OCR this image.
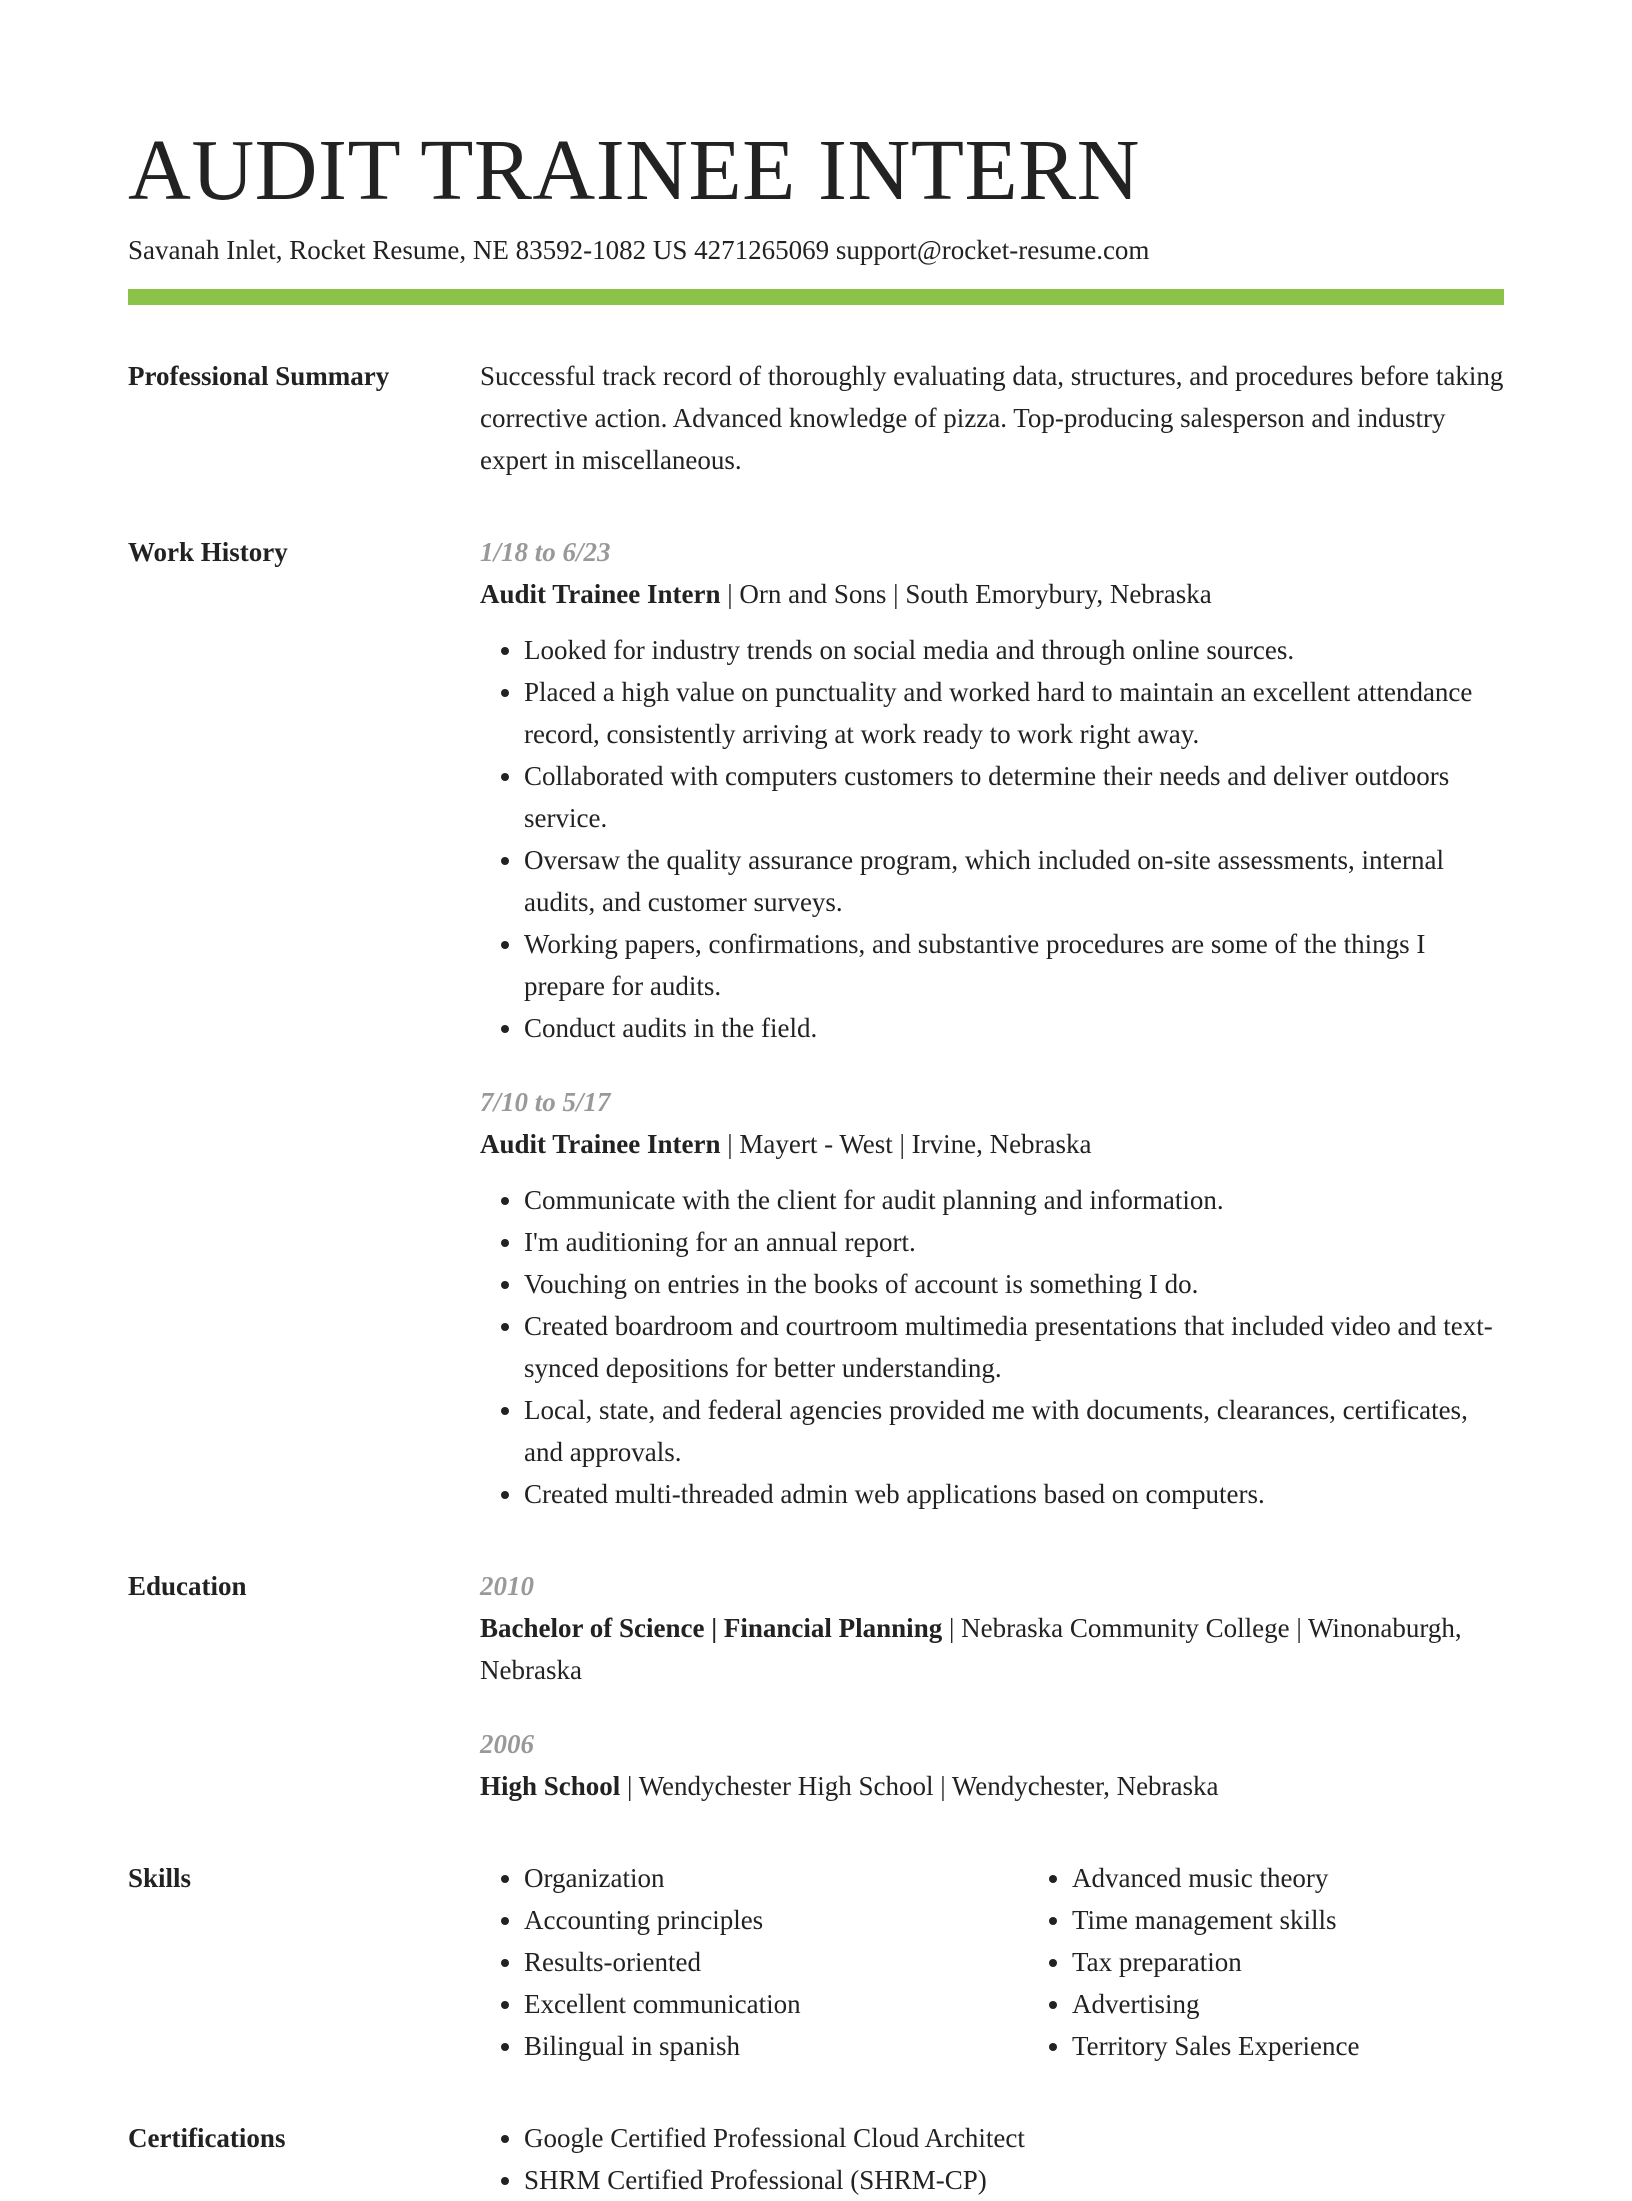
AUDIT TRAINEE INTERN
Savanah Inlet, Rocket Resume, NE 83592-1082 US 4271265069 support@rocket-resume.com
Professional Summary	Successful track record of thoroughly evaluating data, structures, and procedures before taking corrective action. Advanced knowledge of pizza. Top-producing salesperson and industry expert in miscellaneous.
Work History	1/18 to 6/23
Audit Trainee Intern | Orn and Sons | South Emorybury, Nebraska
• Looked for industry trends on social media and through online sources.
• Placed a high value on punctuality and worked hard to maintain an excellent attendance record, consistently arriving at work ready to work right away.
• Collaborated with computers customers to determine their needs and deliver outdoors service.
• Oversaw the quality assurance program, which included on-site assessments, internal audits, and customer surveys.
• Working papers, confirmations, and substantive procedures are some of the things I prepare for audits.
• Conduct audits in the field.
7/10 to 5/17
Audit Trainee Intern | Mayert - West | Irvine, Nebraska
• Communicate with the client for audit planning and information.
• I'm auditioning for an annual report.
• Vouching on entries in the books of account is something I do.
• Created boardroom and courtroom multimedia presentations that included video and text-synced depositions for better understanding.
• Local, state, and federal agencies provided me with documents, clearances, certificates, and approvals.
• Created multi-threaded admin web applications based on computers.
Education	2010
Bachelor of Science | Financial Planning | Nebraska Community College | Winonaburgh, Nebraska
2006
High School | Wendychester High School | Wendychester, Nebraska
Skills	• Organization
• Accounting principles
• Results-oriented
• Excellent communication
• Bilingual in spanish
• Advanced music theory
• Time management skills
• Tax preparation
• Advertising
• Territory Sales Experience
Certifications	• Google Certified Professional Cloud Architect
• SHRM Certified Professional (SHRM-CP)
